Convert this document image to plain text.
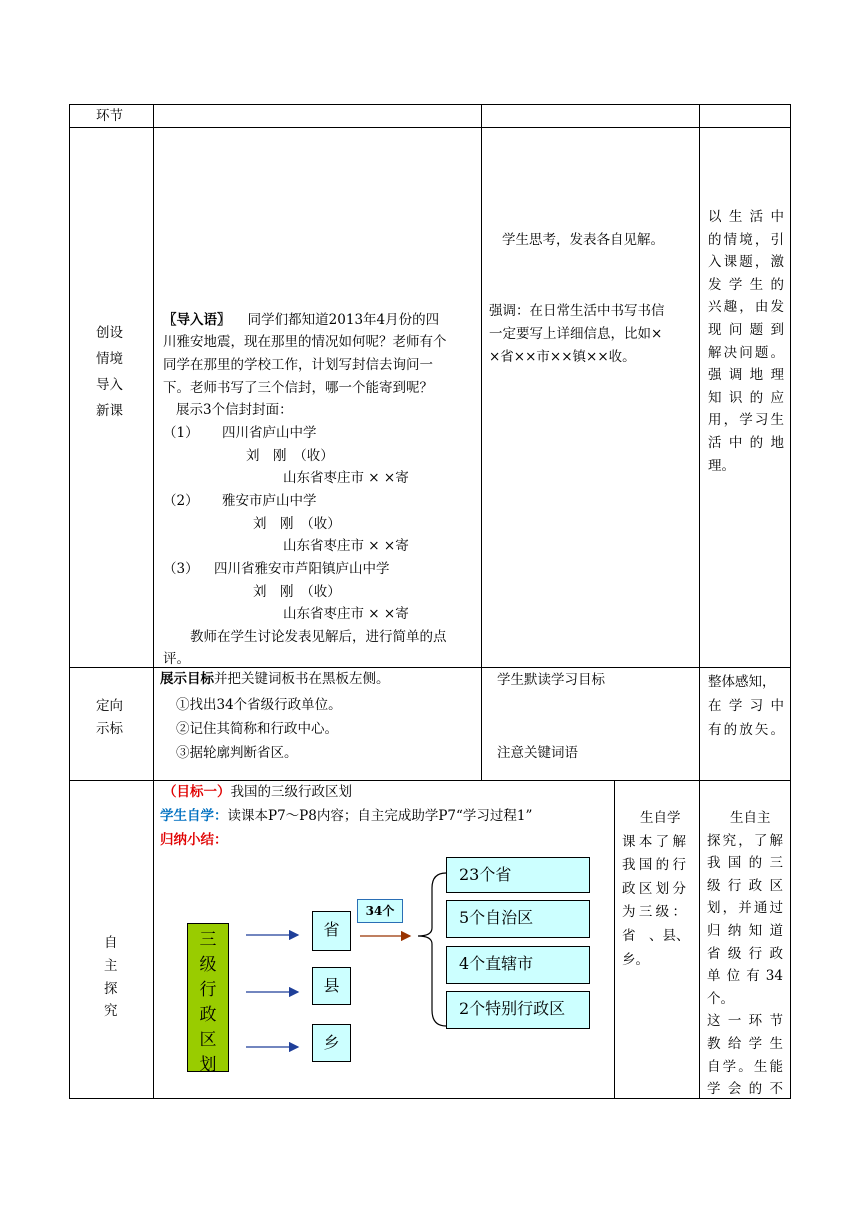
环节
创设
情境
导入
新课
〖导入语〗 同学们都知道2013年4月份的四
川雅安地震，现在那里的情况如何呢？老师有个
同学在那里的学校工作，计划写封信去询问一
下。老师书写了三个信封，哪一个能寄到呢？
展示3个信封封面：
（1） 四川省庐山中学
刘　刚　（收）
山东省枣庄市 × ×寄
（2） 雅安市庐山中学
刘　刚　（收）
山东省枣庄市 × ×寄
（3） 四川省雅安市芦阳镇庐山中学
刘　刚　（收）
山东省枣庄市 × ×寄
教师在学生讨论发表见解后，进行简单的点
评。
学生思考，发表各自见解。
强调：在日常生活中书写书信
一定要写上详细信息，比如×
×省××市××镇××收。
以生活中
的情境，引
入课题，激
发学生的
兴趣，由发
现问题到
解决问题。
强调地理
知识的应
用，学习生
活中的地
理。
定向
示标
展示目标并把关键词板书在黑板左侧。
①找出34个省级行政单位。
②记住其简称和行政中心。
③据轮廓判断省区。
学生默读学习目标
注意关键词语
整体感知，
在学习中
有的放矢。
自
主
探
究
（目标一）我国的三级行政区划
学生自学：读课本P7～P8内容；自主完成助学P7“学习过程1”
归纳小结：
三
级
行
政
区
划
省
县
乡
34个
23个省
5个自治区
4个直辖市
2个特别行政区
生自学
课本了解
我国的行
政区划分
为三级：
省　、县、
乡。
生自主
探究，了解
我国的三
级行政区
划，并通过
归纳知道
省级行政
单位有34
个。
这一环节
教给学生
自学。生能
学会的不
